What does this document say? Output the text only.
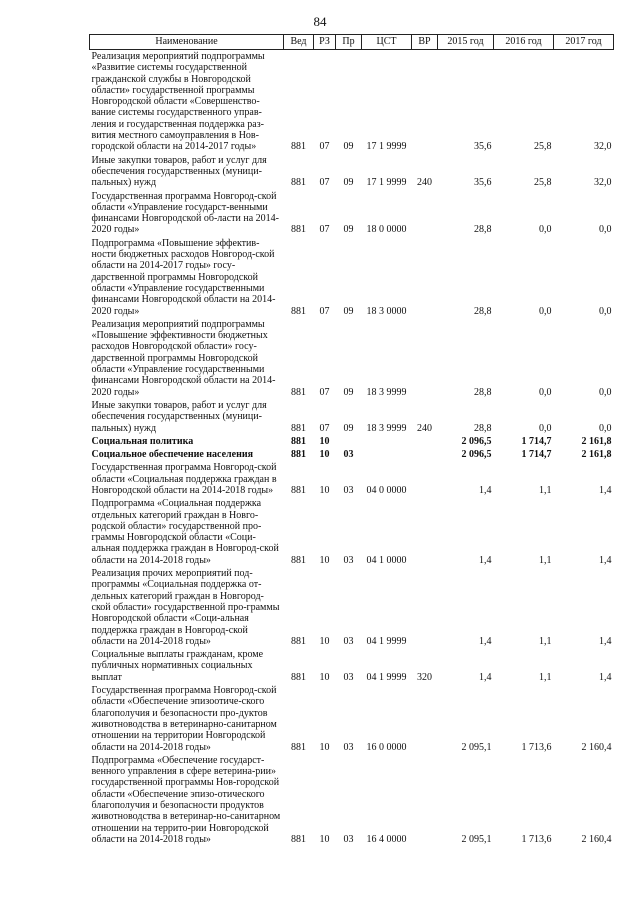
84
Наименование	Вед	РЗ	Пр	ЦСТ	ВР	2015 год	2016 год	2017 год
Реализация мероприятий подпрограммы «Развитие системы государственной гражданской службы в Новгородской области» государственной программы Новгородской области «Совершенство-вание системы государственного управ-ления и государственная поддержка раз-вития местного самоуправления в Нов-городской области на 2014-2017 годы»	881	07	09	17 1 9999		35,6	25,8	32,0
Иные закупки товаров, работ и услуг для обеспечения государственных (муници-пальных) нужд	881	07	09	17 1 9999	240	35,6	25,8	32,0
Государственная программа Новгород-ской области «Управление государст-венными финансами Новгородской об-ласти на 2014-2020 годы»	881	07	09	18 0 0000		28,8	0,0	0,0
Подпрограмма «Повышение эффектив-ности бюджетных расходов Новгород-ской области на 2014-2017 годы» госу-дарственной программы Новгородской области «Управление государственными финансами Новгородской области на 2014-2020 годы»	881	07	09	18 3 0000		28,8	0,0	0,0
Реализация мероприятий подпрограммы «Повышение эффективности бюджетных расходов Новгородской области» госу-дарственной программы Новгородской области «Управление государственными финансами Новгородской области на 2014-2020 годы»	881	07	09	18 3 9999		28,8	0,0	0,0
Иные закупки товаров, работ и услуг для обеспечения государственных (муници-пальных) нужд	881	07	09	18 3 9999	240	28,8	0,0	0,0
Социальная политика	881	10				2 096,5	1 714,7	2 161,8
Социальное обеспечение населения	881	10	03			2 096,5	1 714,7	2 161,8
Государственная программа Новгород-ской области «Социальная поддержка граждан в Новгородской области на 2014-2018 годы»	881	10	03	04 0 0000		1,4	1,1	1,4
Подпрограмма «Социальная поддержка отдельных категорий граждан в Новго-родской области» государственной про-граммы Новгородской области «Соци-альная поддержка граждан в Новгород-ской области на 2014-2018 годы»	881	10	03	04 1 0000		1,4	1,1	1,4
Реализация прочих мероприятий под-программы «Социальная поддержка от-дельных категорий граждан в Новгород-ской области» государственной про-граммы Новгородской области «Соци-альная поддержка граждан в Новгород-ской области на 2014-2018 годы»	881	10	03	04 1 9999		1,4	1,1	1,4
Социальные выплаты гражданам, кроме публичных нормативных социальных выплат	881	10	03	04 1 9999	320	1,4	1,1	1,4
Государственная программа Новгород-ской области «Обеспечение эпизоотиче-ского благополучия и безопасности про-дуктов животноводства в ветеринарно-санитарном отношении на территории Новгородской области на 2014-2018 годы»	881	10	03	16 0 0000		2 095,1	1 713,6	2 160,4
Подпрограмма «Обеспечение государст-венного управления в сфере ветерина-рии» государственной программы Нов-городской области «Обеспечение эпизо-отического благополучия и безопасности продуктов животноводства в ветеринар-но-санитарном отношении на террито-рии Новгородской области на 2014-2018 годы»	881	10	03	16 4 0000		2 095,1	1 713,6	2 160,4
